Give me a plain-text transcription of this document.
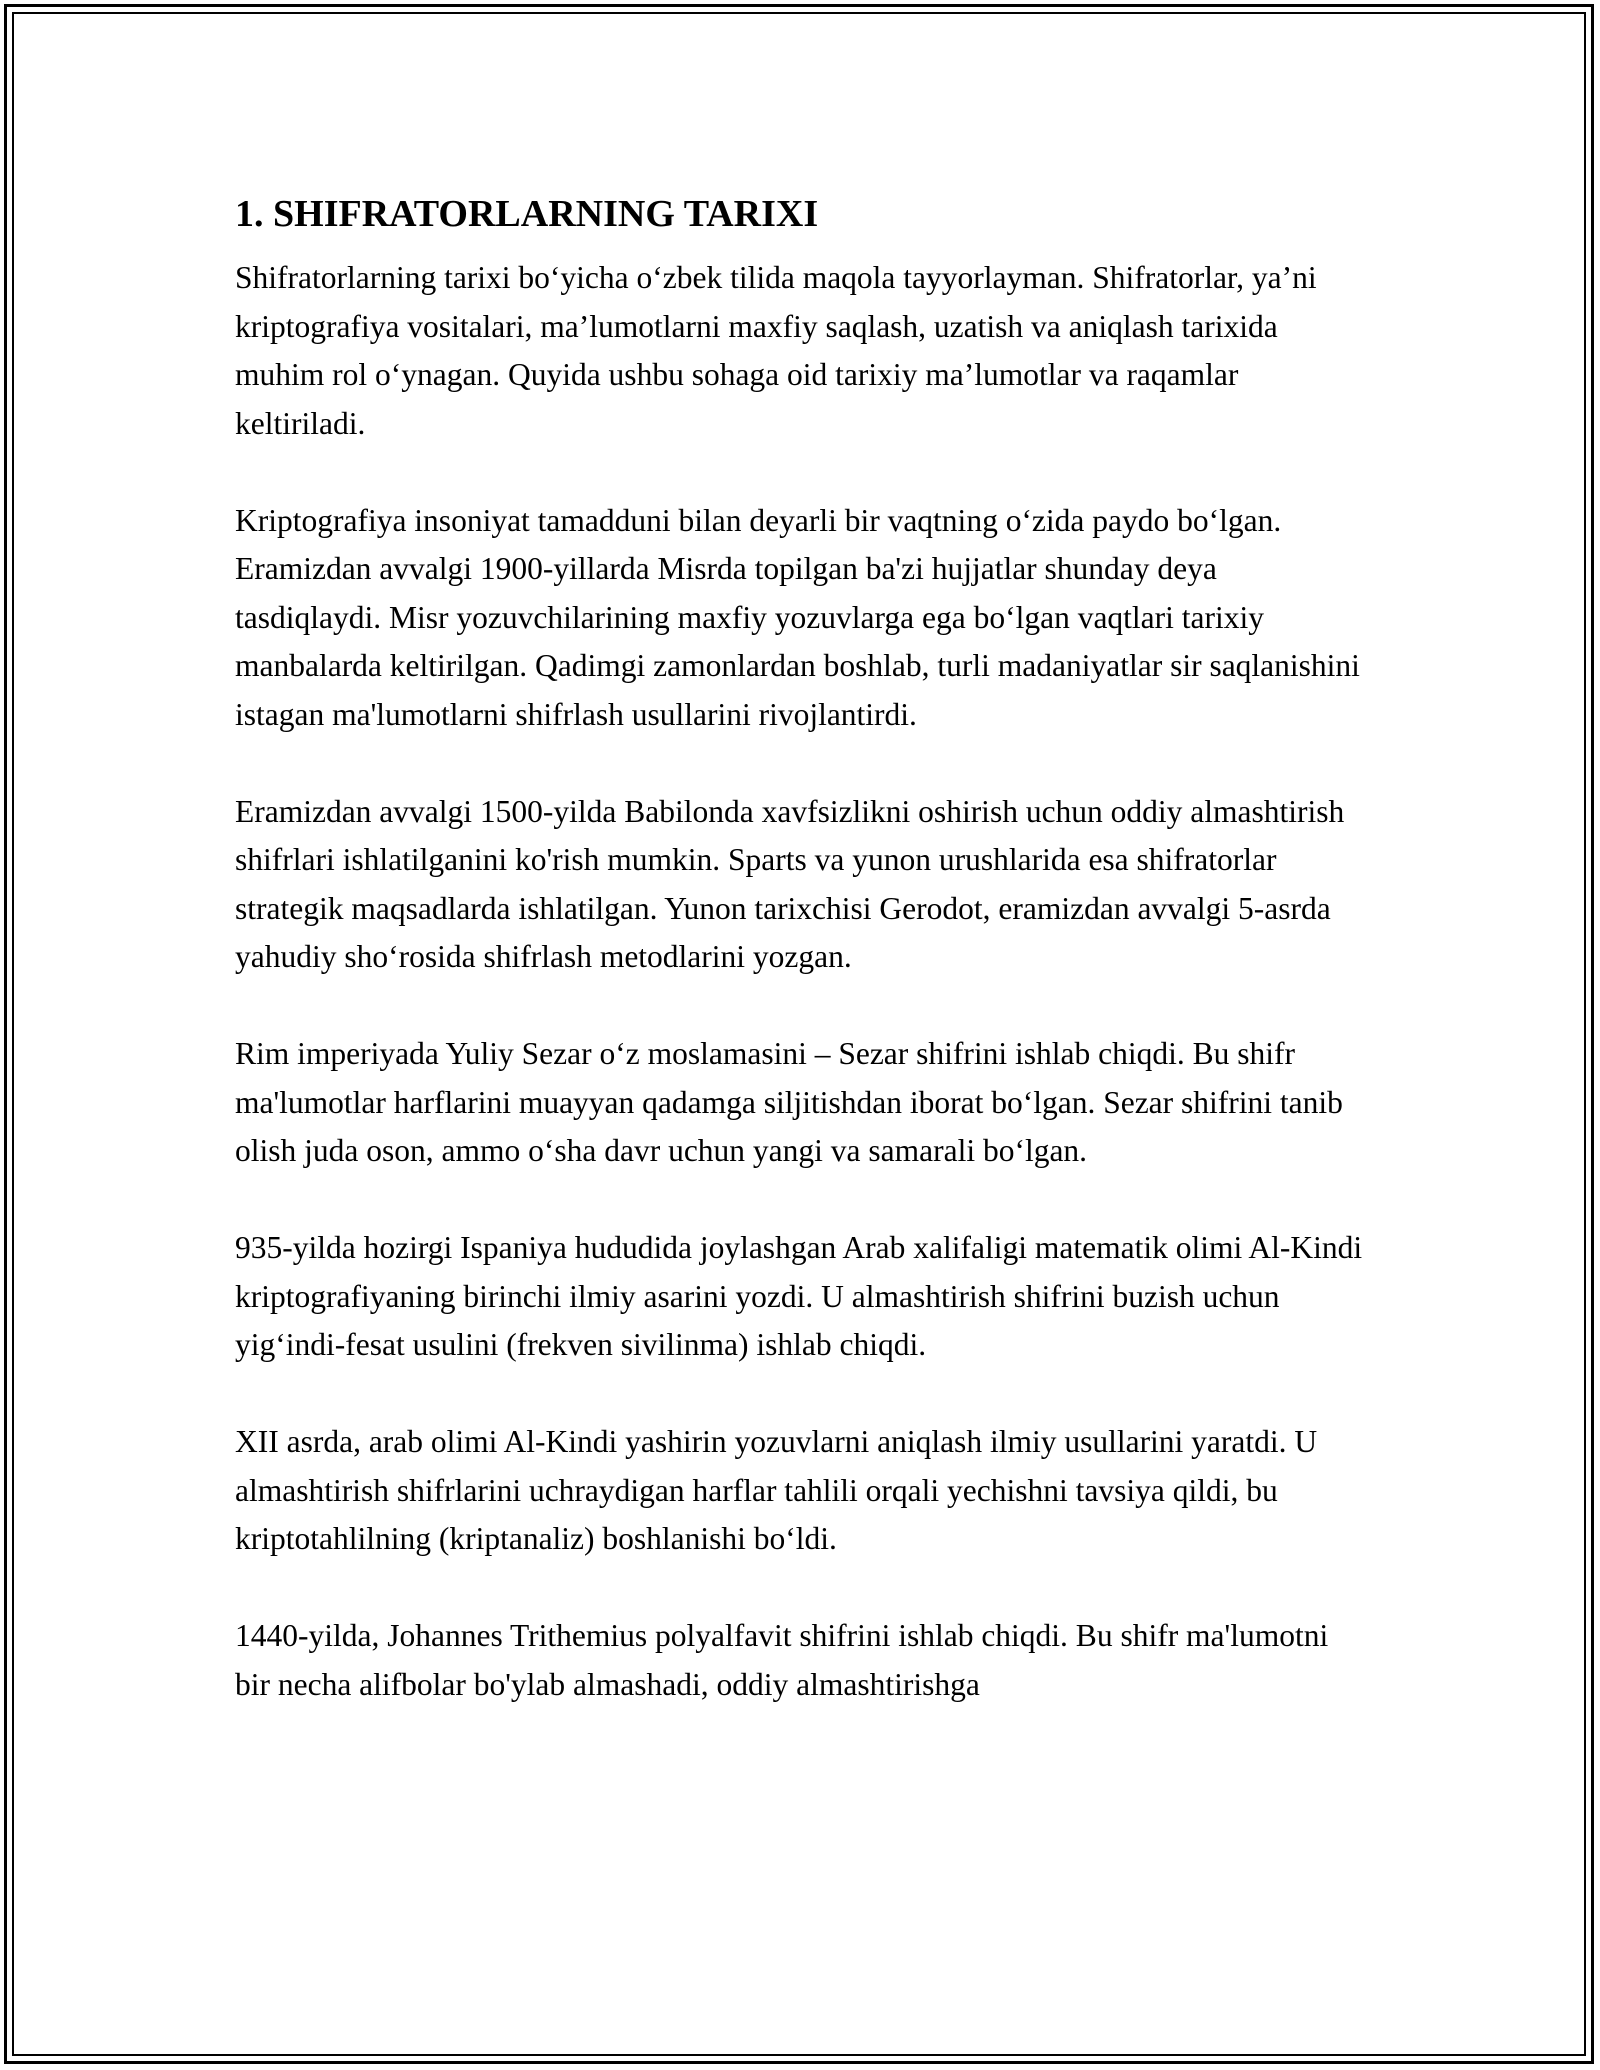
1. SHIFRATORLARNING TARIXI

Shifratorlarning tarixi bo‘yicha o‘zbek tilida maqola tayyorlayman. Shifratorlar, ya’ni kriptografiya vositalari, ma’lumotlarni maxfiy saqlash, uzatish va aniqlash tarixida muhim rol o‘ynagan. Quyida ushbu sohaga oid tarixiy ma’lumotlar va raqamlar keltiriladi.

Kriptografiya insoniyat tamadduni bilan deyarli bir vaqtning o‘zida paydo bo‘lgan. Eramizdan avvalgi 1900-yillarda Misrda topilgan ba'zi hujjatlar shunday deya tasdiqlaydi. Misr yozuvchilarining maxfiy yozuvlarga ega bo‘lgan vaqtlari tarixiy manbalarda keltirilgan. Qadimgi zamonlardan boshlab, turli madaniyatlar sir saqlanishini istagan ma'lumotlarni shifrlash usullarini rivojlantirdi.

Eramizdan avvalgi 1500-yilda Babilonda xavfsizlikni oshirish uchun oddiy almashtirish shifrlari ishlatilganini ko'rish mumkin. Sparts va yunon urushlarida esa shifratorlar strategik maqsadlarda ishlatilgan. Yunon tarixchisi Gerodot, eramizdan avvalgi 5-asrda yahudiy sho‘rosida shifrlash metodlarini yozgan.

Rim imperiyada Yuliy Sezar o‘z moslamasini – Sezar shifrini ishlab chiqdi. Bu shifr ma'lumotlar harflarini muayyan qadamga siljitishdan iborat bo‘lgan. Sezar shifrini tanib olish juda oson, ammo o‘sha davr uchun yangi va samarali bo‘lgan.

935-yilda hozirgi Ispaniya hududida joylashgan Arab xalifaligi matematik olimi Al-Kindi kriptografiyaning birinchi ilmiy asarini yozdi. U almashtirish shifrini buzish uchun yig‘indi-fesat usulini (frekven sivilinma) ishlab chiqdi.

XII asrda, arab olimi Al-Kindi yashirin yozuvlarni aniqlash ilmiy usullarini yaratdi. U almashtirish shifrlarini uchraydigan harflar tahlili orqali yechishni tavsiya qildi, bu kriptotahlilning (kriptanaliz) boshlanishi bo‘ldi.

1440-yilda, Johannes Trithemius polyalfavit shifrini ishlab chiqdi. Bu shifr ma'lumotni bir necha alifbolar bo'ylab almashadi, oddiy almashtirishga
